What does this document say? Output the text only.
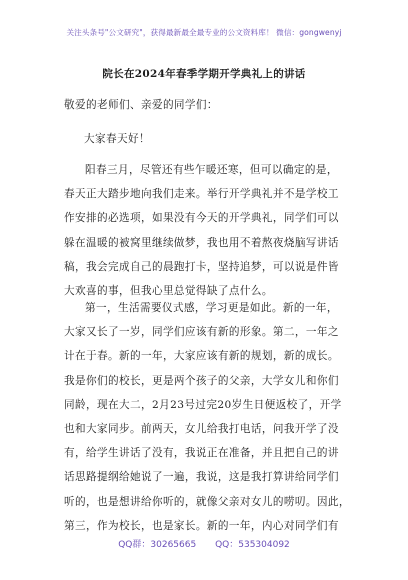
关注头条号"公文研究"，获得最新最全最专业的公文资料库！ 微信：gongwenyj
院长在2024年春季学期开学典礼上的讲话
敬爱的老师们、亲爱的同学们：
大家春天好！
阳春三月，尽管还有些乍暖还寒，但可以确定的是，
春天正大踏步地向我们走来。举行开学典礼并不是学校工
作安排的必选项，如果没有今天的开学典礼，同学们可以
躲在温暖的被窝里继续做梦，我也用不着熬夜烧脑写讲话
稿，我会完成自己的晨跑打卡，坚持追梦，可以说是件皆
大欢喜的事，但我心里总觉得缺了点什么。
第一，生活需要仪式感，学习更是如此。新的一年，
大家又长了一岁，同学们应该有新的形象。第二，一年之
计在于春。新的一年，大家应该有新的规划，新的成长。
我是你们的校长，更是两个孩子的父亲，大学女儿和你们
同龄，现在大二，2月23号过完20岁生日便返校了，开学
也和大家同步。前两天，女儿给我打电话，问我开学了没
有，给学生讲话了没有，我说正在准备，并且把自己的讲
话思路提纲给她说了一遍，我说，这是我打算讲给同学们
听的，也是想讲给你听的，就像父亲对女儿的唠叨。因此，
第三，作为校长，也是家长。新的一年，内心对同学们有
QQ群：30265665 QQ：535304092
